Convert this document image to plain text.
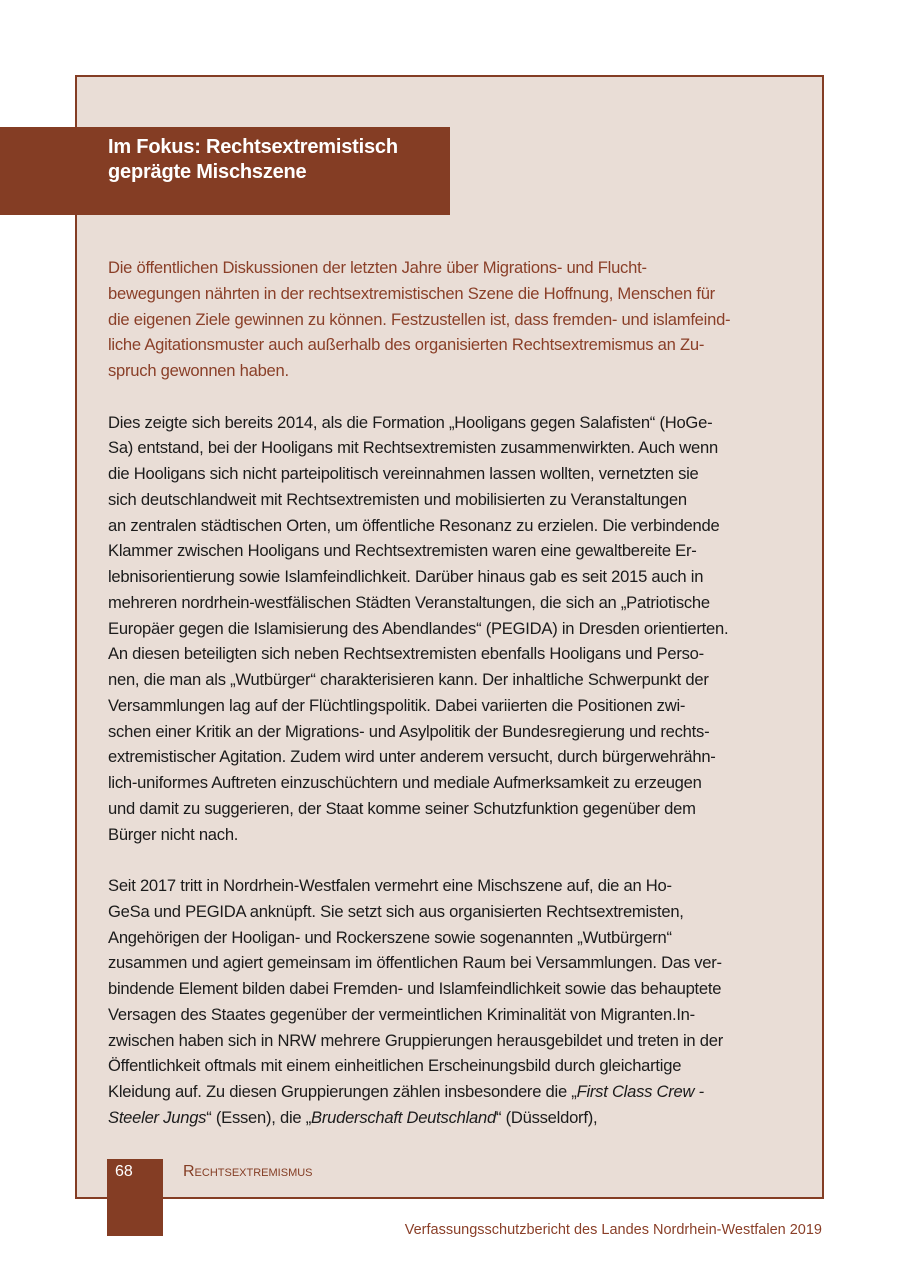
Im Fokus: Rechtsextremistisch
geprägte Mischszene

Die öffentlichen Diskussionen der letzten Jahre über Migrations- und Flucht-
bewegungen nährten in der rechtsextremistischen Szene die Hoffnung, Menschen für
die eigenen Ziele gewinnen zu können. Festzustellen ist, dass fremden- und islamfeind-
liche Agitationsmuster auch außerhalb des organisierten Rechtsextremismus an Zu-
spruch gewonnen haben.

Dies zeigte sich bereits 2014, als die Formation „Hooligans gegen Salafisten“ (HoGe-
Sa) entstand, bei der Hooligans mit Rechtsextremisten zusammenwirkten. Auch wenn
die Hooligans sich nicht parteipolitisch vereinnahmen lassen wollten, vernetzten sie
sich deutschlandweit mit Rechtsextremisten und mobilisierten zu Veranstaltungen
an zentralen städtischen Orten, um öffentliche Resonanz zu erzielen. Die verbindende
Klammer zwischen Hooligans und Rechtsextremisten waren eine gewaltbereite Er-
lebnisorientierung sowie Islamfeindlichkeit. Darüber hinaus gab es seit 2015 auch in
mehreren nordrhein-westfälischen Städten Veranstaltungen, die sich an „Patriotische
Europäer gegen die Islamisierung des Abendlandes“ (PEGIDA) in Dresden orientierten.
An diesen beteiligten sich neben Rechtsextremisten ebenfalls Hooligans und Perso-
nen, die man als „Wutbürger“ charakterisieren kann. Der inhaltliche Schwerpunkt der
Versammlungen lag auf der Flüchtlingspolitik. Dabei variierten die Positionen zwi-
schen einer Kritik an der Migrations- und Asylpolitik der Bundesregierung und rechts-
extremistischer Agitation. Zudem wird unter anderem versucht, durch bürgerwehrähn-
lich-uniformes Auftreten einzuschüchtern und mediale Aufmerksamkeit zu erzeugen
und damit zu suggerieren, der Staat komme seiner Schutzfunktion gegenüber dem
Bürger nicht nach.

Seit 2017 tritt in Nordrhein-Westfalen vermehrt eine Mischszene auf, die an Ho-
GeSa und PEGIDA anknüpft. Sie setzt sich aus organisierten Rechtsextremisten,
Angehörigen der Hooligan- und Rockerszene sowie sogenannten „Wutbürgern“
zusammen und agiert gemeinsam im öffentlichen Raum bei Versammlungen. Das ver-
bindende Element bilden dabei Fremden- und Islamfeindlichkeit sowie das behauptete
Versagen des Staates gegenüber der vermeintlichen Kriminalität von Migranten.In-
zwischen haben sich in NRW mehrere Gruppierungen herausgebildet und treten in der
Öffentlichkeit oftmals mit einem einheitlichen Erscheinungsbild durch gleichartige
Kleidung auf. Zu diesen Gruppierungen zählen insbesondere die „First Class Crew -
Steeler Jungs“ (Essen), die „Bruderschaft Deutschland“ (Düsseldorf),

68	Rechtsextremismus
Verfassungsschutzbericht des Landes Nordrhein-Westfalen 2019
